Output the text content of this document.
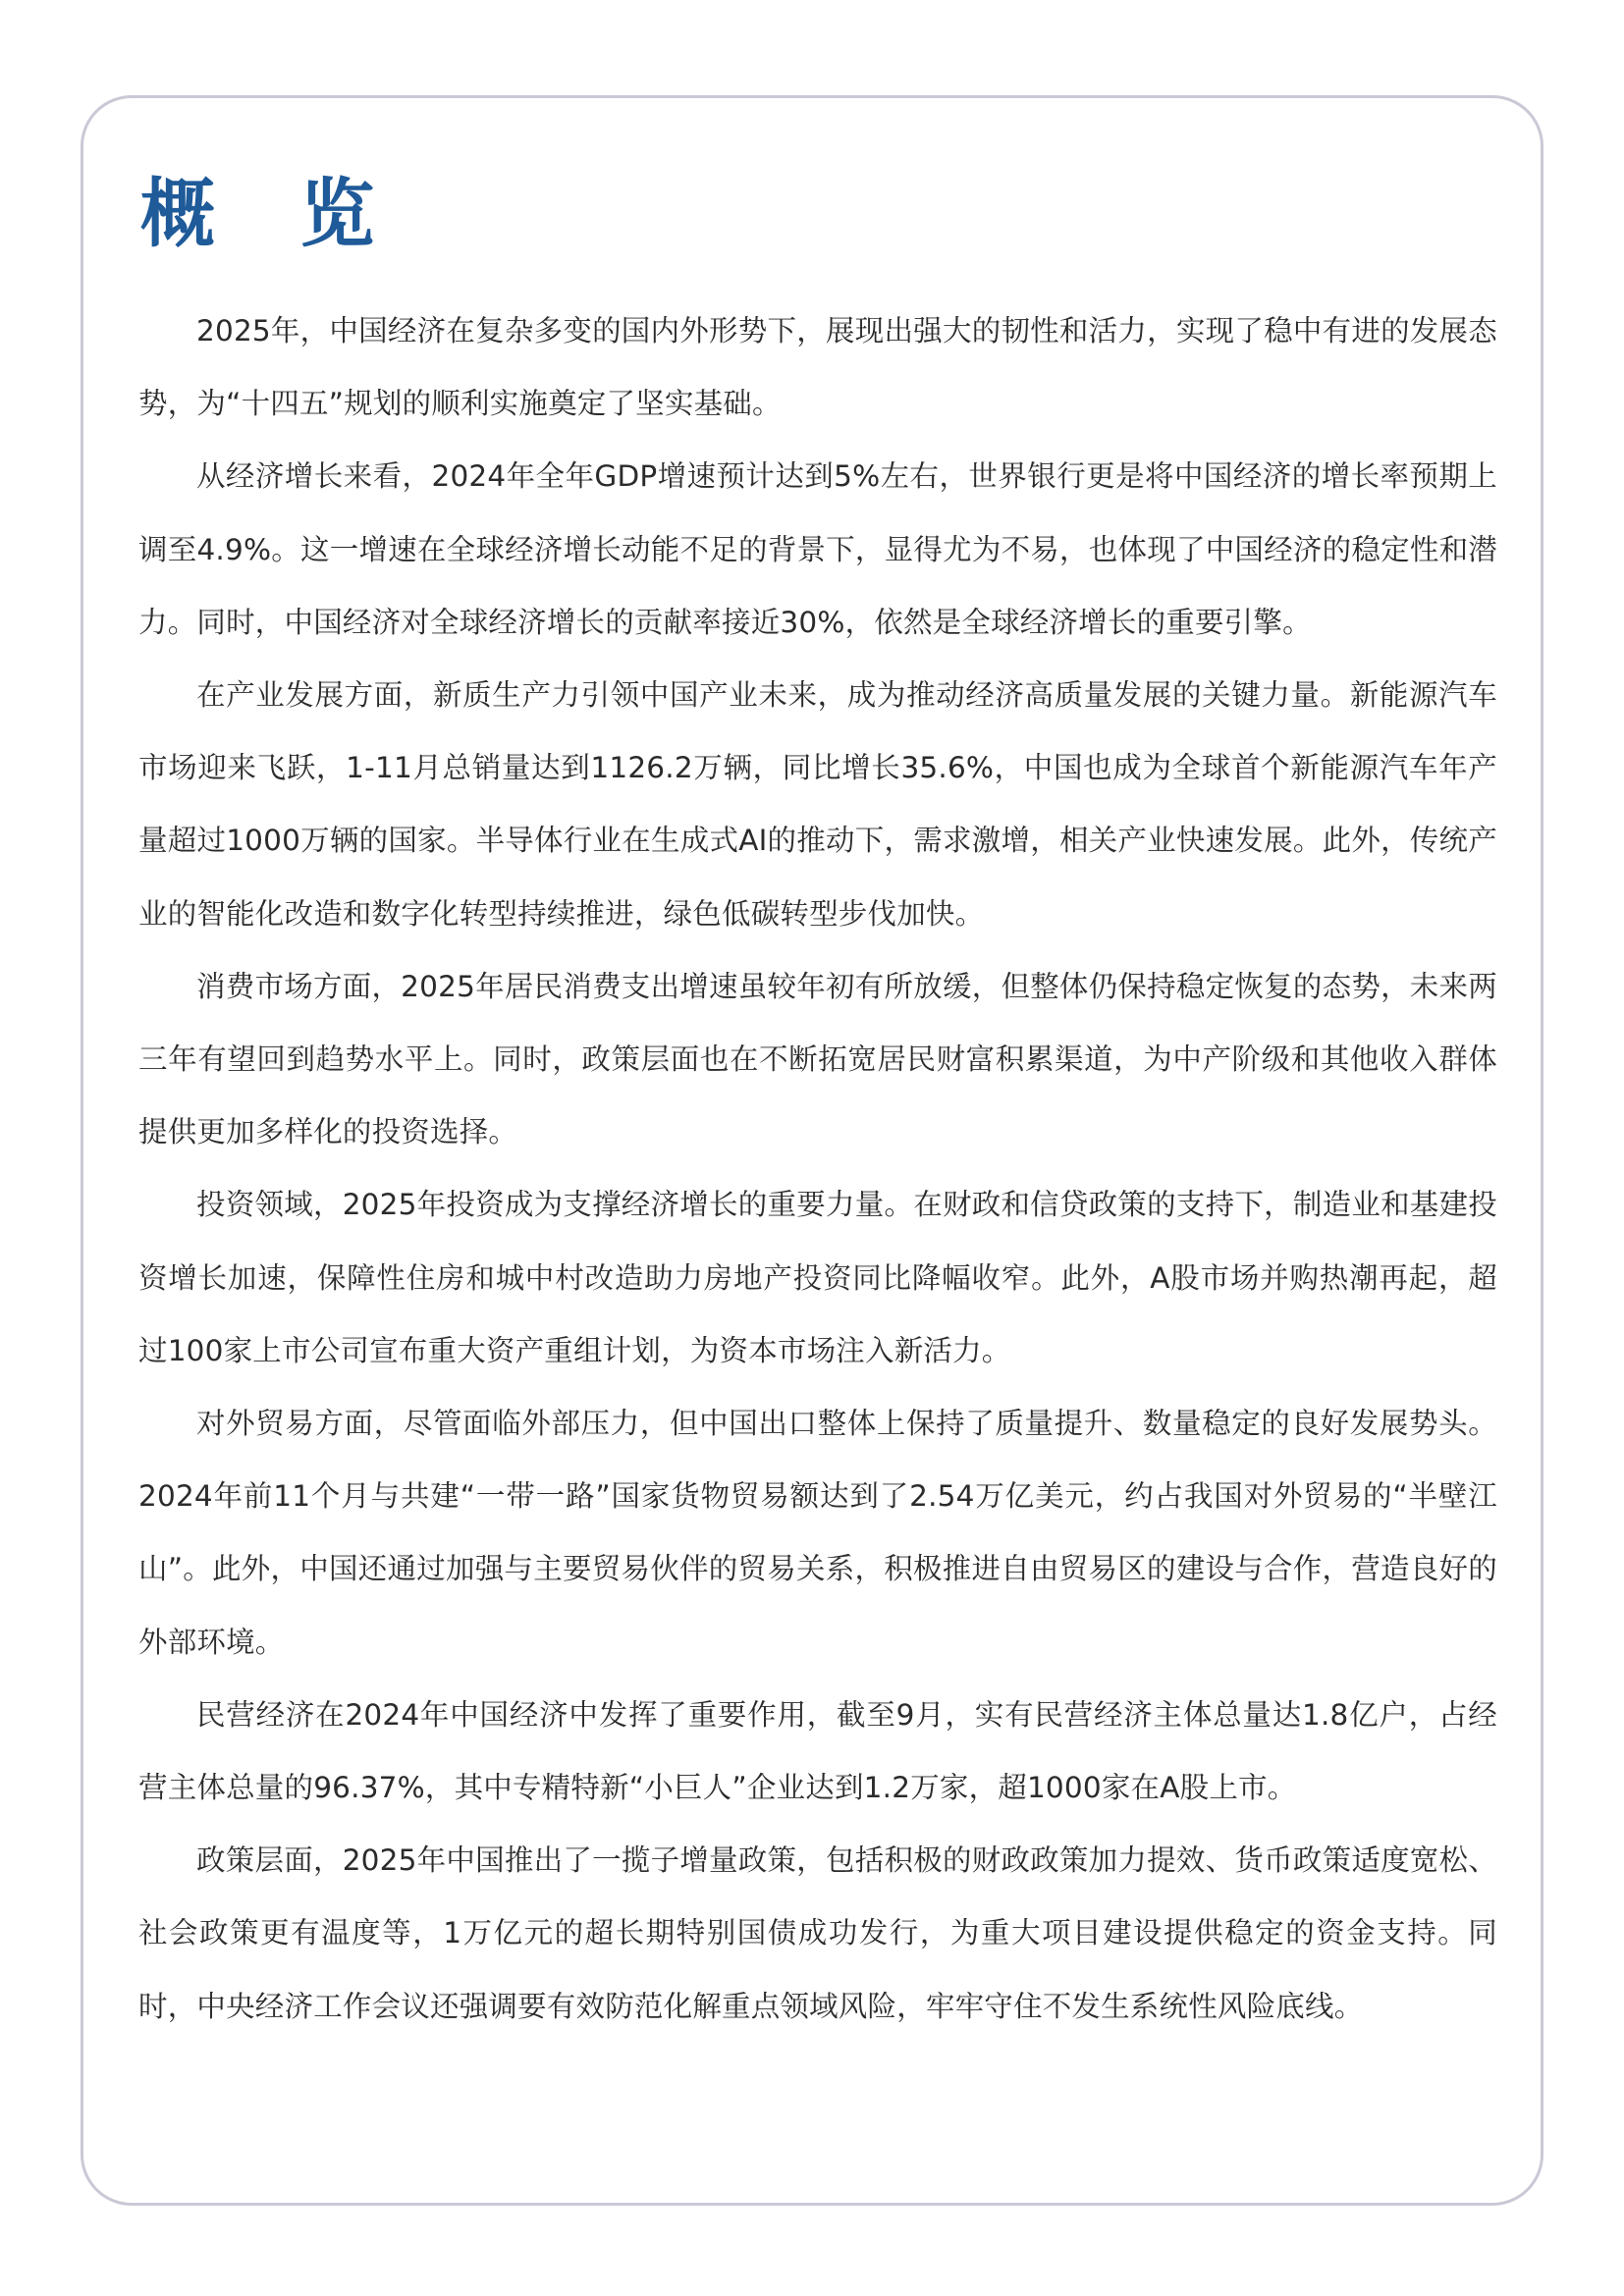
概 览

2025年，中国经济在复杂多变的国内外形势下，展现出强大的韧性和活力，实现了稳中有进的发展态势，为“十四五”规划的顺利实施奠定了坚实基础。

从经济增长来看，2024年全年GDP增速预计达到5%左右，世界银行更是将中国经济的增长率预期上调至4.9%。这一增速在全球经济增长动能不足的背景下，显得尤为不易，也体现了中国经济的稳定性和潜力。同时，中国经济对全球经济增长的贡献率接近30%，依然是全球经济增长的重要引擎。

在产业发展方面，新质生产力引领中国产业未来，成为推动经济高质量发展的关键力量。新能源汽车市场迎来飞跃，1-11月总销量达到1126.2万辆，同比增长35.6%，中国也成为全球首个新能源汽车年产量超过1000万辆的国家。半导体行业在生成式AI的推动下，需求激增，相关产业快速发展。此外，传统产业的智能化改造和数字化转型持续推进，绿色低碳转型步伐加快。

消费市场方面，2025年居民消费支出增速虽较年初有所放缓，但整体仍保持稳定恢复的态势，未来两三年有望回到趋势水平上。同时，政策层面也在不断拓宽居民财富积累渠道，为中产阶级和其他收入群体提供更加多样化的投资选择。

投资领域，2025年投资成为支撑经济增长的重要力量。在财政和信贷政策的支持下，制造业和基建投资增长加速，保障性住房和城中村改造助力房地产投资同比降幅收窄。此外，A股市场并购热潮再起，超过100家上市公司宣布重大资产重组计划，为资本市场注入新活力。

对外贸易方面，尽管面临外部压力，但中国出口整体上保持了质量提升、数量稳定的良好发展势头。2024年前11个月与共建“一带一路”国家货物贸易额达到了2.54万亿美元，约占我国对外贸易的“半壁江山”。此外，中国还通过加强与主要贸易伙伴的贸易关系，积极推进自由贸易区的建设与合作，营造良好的外部环境。

民营经济在2024年中国经济中发挥了重要作用，截至9月，实有民营经济主体总量达1.8亿户，占经营主体总量的96.37%，其中专精特新“小巨人”企业达到1.2万家，超1000家在A股上市。

政策层面，2025年中国推出了一揽子增量政策，包括积极的财政政策加力提效、货币政策适度宽松、社会政策更有温度等，1万亿元的超长期特别国债成功发行，为重大项目建设提供稳定的资金支持。同时，中央经济工作会议还强调要有效防范化解重点领域风险，牢牢守住不发生系统性风险底线。
